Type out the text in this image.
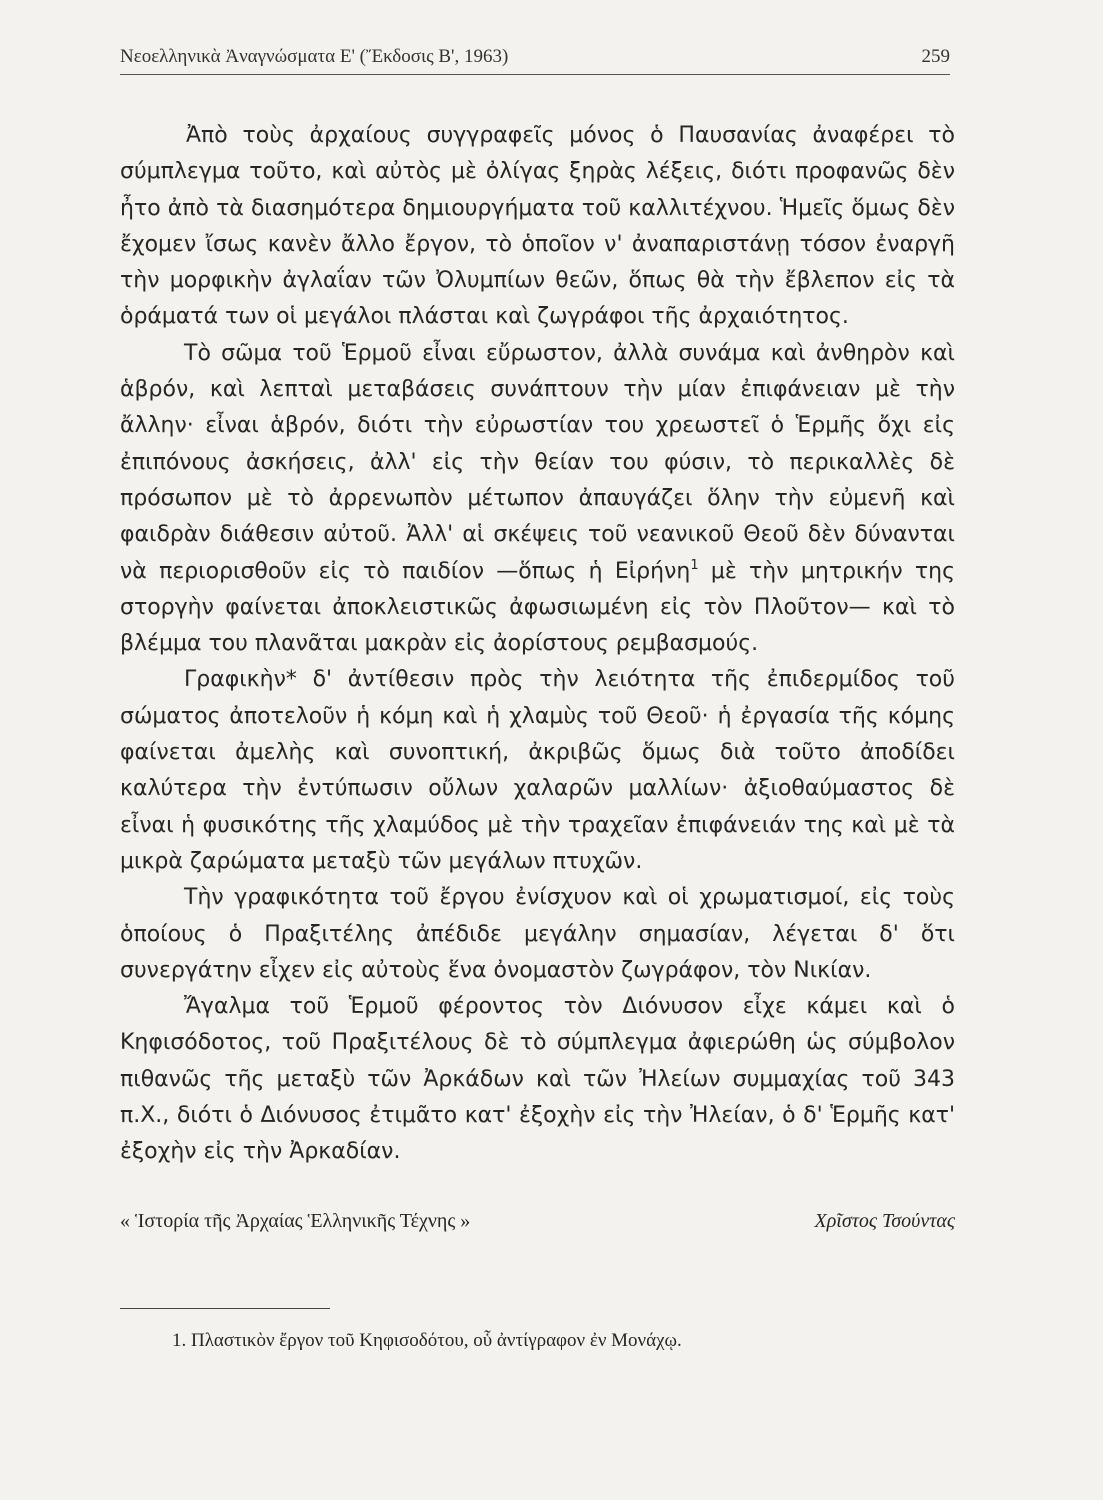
Νεοελληνικὰ Ἀναγνώσματα Ε' (Ἔκδοσις Β', 1963)	259

Ἀπὸ τοὺς ἀρχαίους συγγραφεῖς μόνος ὁ Παυσανίας ἀναφέρει τὸ σύμπλεγμα τοῦτο, καὶ αὐτὸς μὲ ὀλίγας ξηρὰς λέξεις, διότι προφανῶς δὲν ἦτο ἀπὸ τὰ διασημότερα δημιουργήματα τοῦ καλλιτέχνου. Ἡμεῖς ὅμως δὲν ἔχομεν ἴσως κανὲν ἄλλο ἔργον, τὸ ὁποῖον ν' ἀναπαριστάνῃ τόσον ἐναργῆ τὴν μορφικὴν ἀγλαΐαν τῶν Ὀλυμπίων θεῶν, ὅπως θὰ τὴν ἔβλεπον εἰς τὰ ὁράματά των οἱ μεγάλοι πλάσται καὶ ζωγράφοι τῆς ἀρχαιότητος.

Τὸ σῶμα τοῦ Ἑρμοῦ εἶναι εὔρωστον, ἀλλὰ συνάμα καὶ ἀνθηρὸν καὶ ἁβρόν, καὶ λεπταὶ μεταβάσεις συνάπτουν τὴν μίαν ἐπιφάνειαν μὲ τὴν ἄλλην· εἶναι ἁβρόν, διότι τὴν εὐρωστίαν του χρεωστεῖ ὁ Ἑρμῆς ὄχι εἰς ἐπιπόνους ἀσκήσεις, ἀλλ' εἰς τὴν θείαν του φύσιν, τὸ περικαλλὲς δὲ πρόσωπον μὲ τὸ ἀρρενωπὸν μέτωπον ἀπαυγάζει ὅλην τὴν εὐμενῆ καὶ φαιδρὰν διάθεσιν αὐτοῦ. Ἀλλ' αἱ σκέψεις τοῦ νεανικοῦ Θεοῦ δὲν δύνανται νὰ περιορισθοῦν εἰς τὸ παιδίον —ὅπως ἡ Εἰρήνη$^1$ μὲ τὴν μητρικήν της στοργὴν φαίνεται ἀποκλειστικῶς ἀφωσιωμένη εἰς τὸν Πλοῦτον— καὶ τὸ βλέμμα του πλανᾶται μακρὰν εἰς ἀορίστους ρεμβασμούς.

Γραφικὴν* δ' ἀντίθεσιν πρὸς τὴν λειότητα τῆς ἐπιδερμίδος τοῦ σώματος ἀποτελοῦν ἡ κόμη καὶ ἡ χλαμὺς τοῦ Θεοῦ· ἡ ἐργασία τῆς κόμης φαίνεται ἀμελὴς καὶ συνοπτική, ἀκριβῶς ὅμως διὰ τοῦτο ἀποδίδει καλύτερα τὴν ἐντύπωσιν οὔλων χαλαρῶν μαλλίων· ἀξιοθαύμαστος δὲ εἶναι ἡ φυσικότης τῆς χλαμύδος μὲ τὴν τραχεῖαν ἐπιφάνειάν της καὶ μὲ τὰ μικρὰ ζαρώματα μεταξὺ τῶν μεγάλων πτυχῶν.

Τὴν γραφικότητα τοῦ ἔργου ἐνίσχυον καὶ οἱ χρωματισμοί, εἰς τοὺς ὁποίους ὁ Πραξιτέλης ἀπέδιδε μεγάλην σημασίαν, λέγεται δ' ὅτι συνεργάτην εἶχεν εἰς αὐτοὺς ἕνα ὀνομαστὸν ζωγράφον, τὸν Νικίαν.

Ἄγαλμα τοῦ Ἑρμοῦ φέροντος τὸν Διόνυσον εἶχε κάμει καὶ ὁ Κηφισόδοτος, τοῦ Πραξιτέλους δὲ τὸ σύμπλεγμα ἀφιερώθη ὡς σύμβολον πιθανῶς τῆς μεταξὺ τῶν Ἀρκάδων καὶ τῶν Ἠλείων συμμαχίας τοῦ 343 π.Χ., διότι ὁ Διόνυσος ἐτιμᾶτο κατ' ἐξοχὴν εἰς τὴν Ἠλείαν, ὁ δ' Ἑρμῆς κατ' ἐξοχὴν εἰς τὴν Ἀρκαδίαν.

« Ἱστορία τῆς Ἀρχαίας Ἑλληνικῆς Τέχνης »	Χρῖστος Τσούντας
1. Πλαστικὸν ἔργον τοῦ Κηφισοδότου, οὗ ἀντίγραφον ἐν Μονάχῳ.
